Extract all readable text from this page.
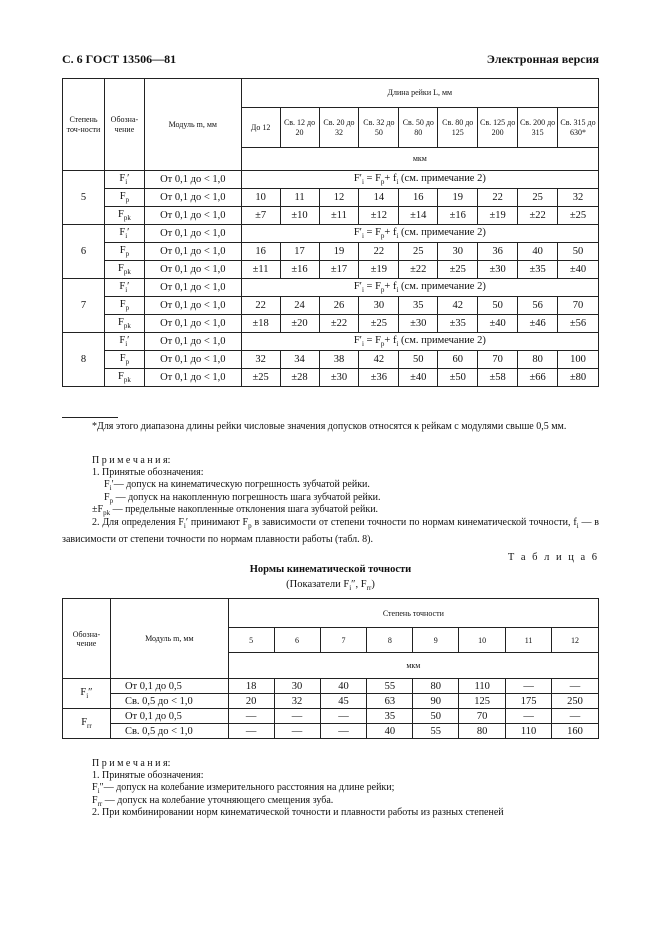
С. 6 ГОСТ 13506—81	Электронная версия
Степень точ-ности	Обозна-чение	Модуль m, мм	Длина рейки L, мм								
			До 12	Св. 12 до 20	Св. 20 до 32	Св. 32 до 50	Св. 50 до 80	Св. 80 до 125	Св. 125 до 200	Св. 200 до 315	Св. 315 до 630*
			мкм								
5	$F_i'$	От 0,1 до < 1,0	$F'_i = F_p+ f_i$ (см. примечание 2)								
	$F_p$	От 0,1 до < 1,0	10	11	12	14	16	19	22	25	32
	$F_{pk}$	От 0,1 до < 1,0	±7	±10	±11	±12	±14	±16	±19	±22	±25
6	$F_i'$	От 0,1 до < 1,0	$F'_i = F_p+ f_i$ (см. примечание 2)								
	$F_p$	От 0,1 до < 1,0	16	17	19	22	25	30	36	40	50
	$F_{pk}$	От 0,1 до < 1,0	±11	±16	±17	±19	±22	±25	±30	±35	±40
7	$F_i'$	От 0,1 до < 1,0	$F'_i = F_p+ f_i$ (см. примечание 2)								
	$F_p$	От 0,1 до < 1,0	22	24	26	30	35	42	50	56	70
	$F_{pk}$	От 0,1 до < 1,0	±18	±20	±22	±25	±30	±35	±40	±46	±56
8	$F_i'$	От 0,1 до < 1,0	$F'_i = F_p+ f_i$ (см. примечание 2)								
	$F_p$	От 0,1 до < 1,0	32	34	38	42	50	60	70	80	100
	$F_{pk}$	От 0,1 до < 1,0	±25	±28	±30	±36	±40	±50	±58	±66	±80
*Для этого диапазона длины рейки числовые значения допусков относятся к рейкам с модулями свыше 0,5 мм.
П р и м е ч а н и я:
1. Принятые обозначения:
$F_i'—$ допуск на кинематическую погрешность зубчатой рейки.
$F_p$ — допуск на накопленную погрешность шага зубчатой рейки.
$\pm F_{pk}$ — предельные накопленные отклонения шага зубчатой рейки.
2. Для определения $F_i'$ принимают $F_p$ в зависимости от степени точности по нормам кинематической точности, $f_i$ — в зависимости от степени точности по нормам плавности работы (табл. 8).
Т а б л и ц а 6
Нормы кинематической точности
(Показатели $F_i''$, $F_{rr}$)
Обозна-чение	Модуль m, мм	Степень точности							
		5	6	7	8	9	10	11	12
		мкм							
$F_i''$	От 0,1 до 0,5	18	30	40	55	80	110	—	—
	Св. 0,5 до < 1,0	20	32	45	63	90	125	175	250
$F_{rr}$	От 0,1 до 0,5	—	—	—	35	50	70	—	—
	Св. 0,5 до < 1,0	—	—	—	40	55	80	110	160
П р и м е ч а н и я:
1. Принятые обозначения:
$F_i''—$ допуск на колебание измерительного расстояния на длине рейки;
$F_{rr}$ — допуск на колебание уточняющего смещения зуба.
2. При комбинировании норм кинематической точности и плавности работы из разных степеней
